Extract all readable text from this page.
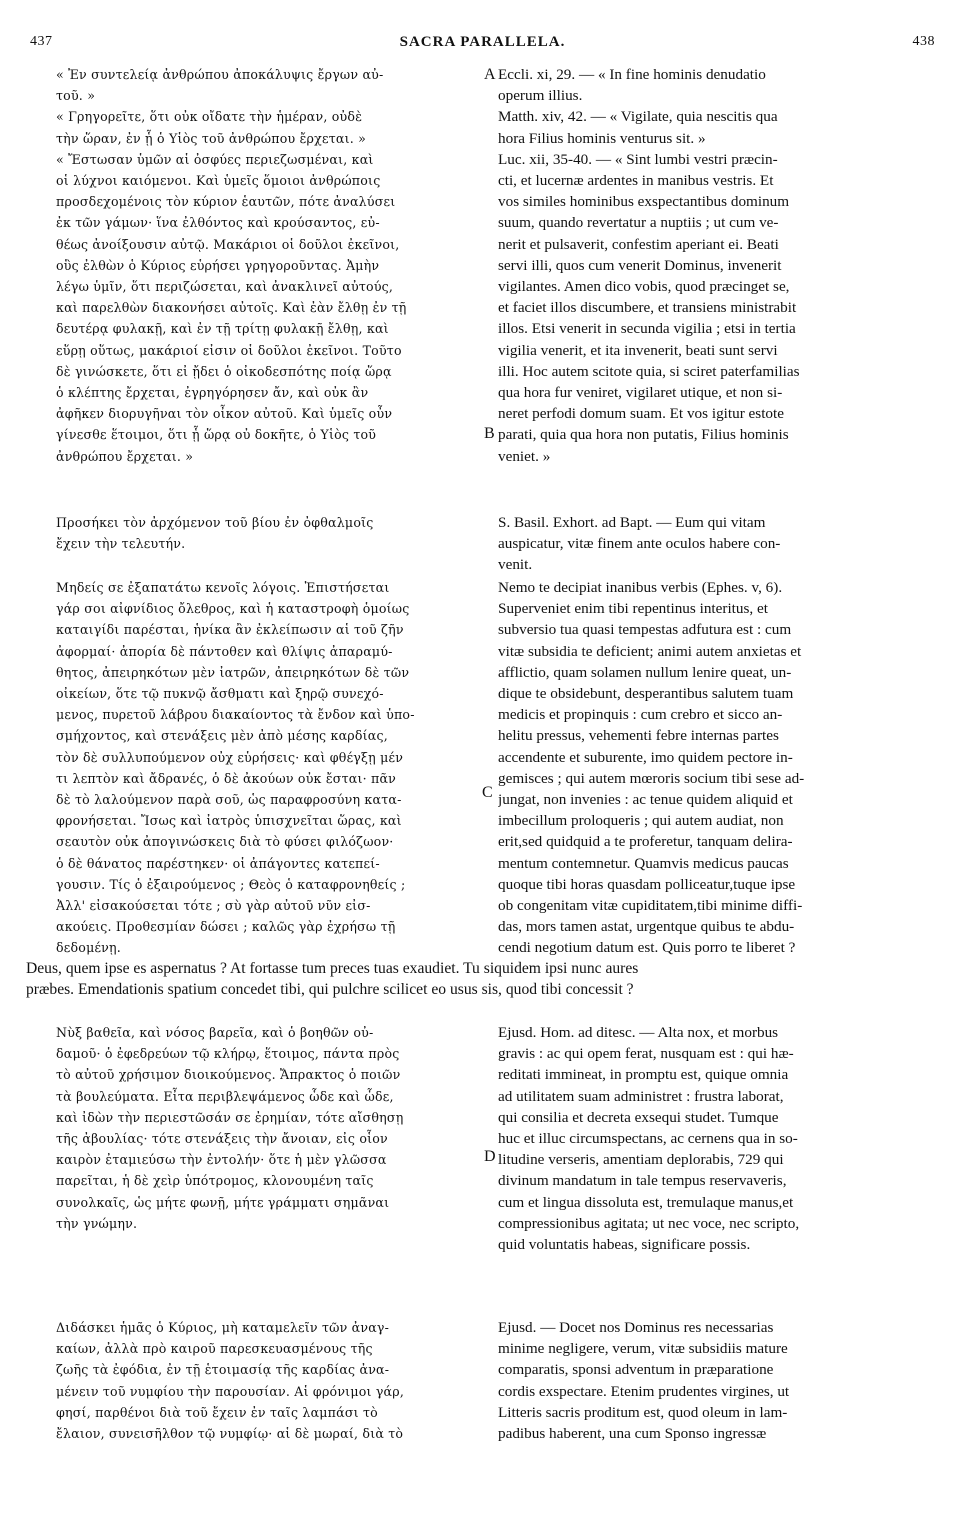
437	SACRA PARALLELA.	438
« Ἐν συντελείᾳ ἀνθρώπου ἀποκάλυψις ἔργων αὐ-
τοῦ. »
« Γρηγορεῖτε, ὅτι οὐκ οἴδατε τὴν ἡμέραν, οὐδὲ
τὴν ὥραν, ἐν ᾗ ὁ Υἱὸς τοῦ ἀνθρώπου ἔρχεται. »
« Ἔστωσαν ὑμῶν αἱ ὀσφύες περιεζωσμέναι, καὶ
οἱ λύχνοι καιόμενοι. Καὶ ὑμεῖς ὅμοιοι ἀνθρώποις
προσδεχομένοις τὸν κύριον ἑαυτῶν, πότε ἀναλύσει
ἐκ τῶν γάμων· ἵνα ἐλθόντος καὶ κρούσαντος, εὐ-
θέως ἀνοίξουσιν αὐτῷ. Μακάριοι οἱ δοῦλοι ἐκεῖνοι,
οὓς ἐλθὼν ὁ Κύριος εὑρήσει γρηγοροῦντας. Ἀμὴν
λέγω ὑμῖν, ὅτι περιζώσεται, καὶ ἀνακλινεῖ αὐτούς,
καὶ παρελθὼν διακονήσει αὐτοῖς. Καὶ ἐὰν ἔλθῃ ἐν τῇ
δευτέρᾳ φυλακῇ, καὶ ἐν τῇ τρίτῃ φυλακῇ ἔλθῃ, καὶ
εὕρῃ οὕτως, μακάριοί εἰσιν οἱ δοῦλοι ἐκεῖνοι. Τοῦτο
δὲ γινώσκετε, ὅτι εἰ ᾔδει ὁ οἰκοδεσπότης ποίᾳ ὥρᾳ
ὁ κλέπτης ἔρχεται, ἐγρηγόρησεν ἄν, καὶ οὐκ ἂν
ἀφῆκεν διορυγῆναι τὸν οἶκον αὐτοῦ. Καὶ ὑμεῖς οὖν
γίνεσθε ἕτοιμοι, ὅτι ᾗ ὥρᾳ οὐ δοκῆτε, ὁ Υἱὸς τοῦ
ἀνθρώπου ἔρχεται. »
Eccli. xi, 29. — « In fine hominis denudatio
operum illius.
Matth. xiv, 42. — « Vigilate, quia nescitis qua
hora Filius hominis venturus sit. »
Luc. xii, 35-40. — « Sint lumbi vestri præcin-
cti, et lucernæ ardentes in manibus vestris. Et
vos similes hominibus exspectantibus dominum
suum, quando revertatur a nuptiis ; ut cum ve-
nerit et pulsaverit, confestim aperiant ei. Beati
servi illi, quos cum venerit Dominus, invenerit
vigilantes. Amen dico vobis, quod præcinget se,
et faciet illos discumbere, et transiens ministrabit
illos. Etsi venerit in secunda vigilia ; etsi in tertia
vigilia venerit, et ita invenerit, beati sunt servi
illi. Hoc autem scitote quia, si sciret paterfamilias
qua hora fur veniret, vigilaret utique, et non si-
neret perfodi domum suam. Et vos igitur estote
parati, quia qua hora non putatis, Filius hominis
veniet. »
Προσήκει τὸν ἀρχόμενον τοῦ βίου ἐν ὀφθαλμοῖς
ἔχειν τὴν τελευτήν.
S. Basil. Exhort. ad Bapt. — Eum qui vitam
auspicatur, vitæ finem ante oculos habere con-
venit.
Μηδείς σε ἐξαπατάτω κενοῖς λόγοις. Ἐπιστήσεται
γάρ σοι αἰφνίδιος ὄλεθρος, καὶ ἡ καταστροφὴ ὁμοίως
καταιγίδι παρέσται, ἡνίκα ἂν ἐκλείπωσιν αἱ τοῦ ζῆν
ἀφορμαί· ἀπορία δὲ πάντοθεν καὶ θλίψις ἀπαραμύ-
θητος, ἀπειρηκότων μὲν ἰατρῶν, ἀπειρηκότων δὲ τῶν
οἰκείων, ὅτε τῷ πυκνῷ ἄσθματι καὶ ξηρῷ συνεχό-
μενος, πυρετοῦ λάβρου διακαίοντος τὰ ἔνδον καὶ ὑπο-
σμήχοντος, καὶ στενάξεις μὲν ἀπὸ μέσης καρδίας,
τὸν δὲ συλλυπούμενον οὐχ εὑρήσεις· καὶ φθέγξῃ μέν
τι λεπτὸν καὶ ἄδρανές, ὁ δὲ ἀκούων οὐκ ἔσται· πᾶν
δὲ τὸ λαλούμενον παρὰ σοῦ, ὡς παραφροσύνη κατα-
φρονήσεται. Ἴσως καὶ ἰατρὸς ὑπισχνεῖται ὥρας, καὶ
σεαυτὸν οὐκ ἀπογινώσκεις διὰ τὸ φύσει φιλόζωον·
ὁ δὲ θάνατος παρέστηκεν· οἱ ἀπάγοντες κατεπεί-
γουσιν. Τίς ὁ ἐξαιρούμενος ; Θεὸς ὁ καταφρονηθείς ;
Ἀλλ' εἰσακούσεται τότε ; σὺ γὰρ αὐτοῦ νῦν εἰσ-
ακούεις. Προθεσμίαν δώσει ; καλῶς γὰρ ἐχρήσω τῇ
δεδομένῃ.
Nemo te decipiat inanibus verbis (Ephes. v, 6).
Superveniet enim tibi repentinus interitus, et
subversio tua quasi tempestas adfutura est : cum
vitæ subsidia te deficient; animi autem anxietas et
afflictio, quam solamen nullum lenire queat, un-
dique te obsidebunt, desperantibus salutem tuam
medicis et propinquis : cum crebro et sicco an-
helitu pressus, vehementi febre internas partes
accendente et suburente, imo quidem pectore in-
gemisces ; qui autem mœroris socium tibi sese ad-
jungat, non invenies : ac tenue quidem aliquid et
imbecillum proloqueris ; qui autem audiat, non
erit,sed quidquid a te proferetur, tanquam delira-
mentum contemnetur. Quamvis medicus paucas
quoque tibi horas quasdam polliceatur,tuque ipse
ob congenitam vitæ cupiditatem,tibi minime diffi-
das, mors tamen astat, urgentque quibus te abdu-
cendi negotium datum est. Quis porro te liberet ?
Deus, quem ipse es aspernatus ? At fortasse tum preces tuas exaudiet. Tu siquidem ipsi nunc aures
præbes. Emendationis spatium concedet tibi, qui pulchre scilicet eo usus sis, quod tibi concessit ?
Νὺξ βαθεῖα, καὶ νόσος βαρεῖα, καὶ ὁ βοηθῶν οὐ-
δαμοῦ· ὁ ἐφεδρεύων τῷ κλήρῳ, ἕτοιμος, πάντα πρὸς
τὸ αὐτοῦ χρήσιμον διοικούμενος. Ἄπρακτος ὁ ποιῶν
τὰ βουλεύματα. Εἶτα περιβλεψάμενος ὧδε καὶ ὧδε,
καὶ ἰδὼν τὴν περιεστῶσάν σε ἐρημίαν, τότε αἴσθησῃ
τῆς ἀβουλίας· τότε στενάξεις τὴν ἄνοιαν, εἰς οἷον
καιρὸν ἐταμιεύσω τὴν ἐντολήν· ὅτε ἡ μὲν γλῶσσα
παρεῖται, ἡ δὲ χεὶρ ὑπότρομος, κλονουμένη ταῖς
συνολκαῖς, ὡς μήτε φωνῇ, μήτε γράμματι σημᾶναι
τὴν γνώμην.
Ejusd. Hom. ad ditesc. — Alta nox, et morbus
gravis : ac qui opem ferat, nusquam est : qui hæ-
reditati immineat, in promptu est, quique omnia
ad utilitatem suam administret : frustra laborat,
qui consilia et decreta exsequi studet. Tumque
huc et illuc circumspectans, ac cernens qua in so-
litudine verseris, amentiam deplorabis, 729 qui
divinum mandatum in tale tempus reservaveris,
cum et lingua dissoluta est, tremulaque manus,et
compressionibus agitata; ut nec voce, nec scripto,
quid voluntatis habeas, significare possis.
Διδάσκει ἡμᾶς ὁ Κύριος, μὴ καταμελεῖν τῶν ἀναγ-
καίων, ἀλλὰ πρὸ καιροῦ παρεσκευασμένους τῆς
ζωῆς τὰ ἐφόδια, ἐν τῇ ἑτοιμασίᾳ τῆς καρδίας ἀνα-
μένειν τοῦ νυμφίου τὴν παρουσίαν. Αἱ φρόνιμοι γάρ,
φησί, παρθένοι διὰ τοῦ ἔχειν ἐν ταῖς λαμπάσι τὸ
ἔλαιον, συνεισῆλθον τῷ νυμφίῳ· αἱ δὲ μωραί, διὰ τὸ
Ejusd. — Docet nos Dominus res necessarias
minime negligere, verum, vitæ subsidiis mature
comparatis, sponsi adventum in præparatione
cordis exspectare. Etenim prudentes virgines, ut
Litteris sacris proditum est, quod oleum in lam-
padibus haberent, una cum Sponso ingressæ
A
B
C
D
